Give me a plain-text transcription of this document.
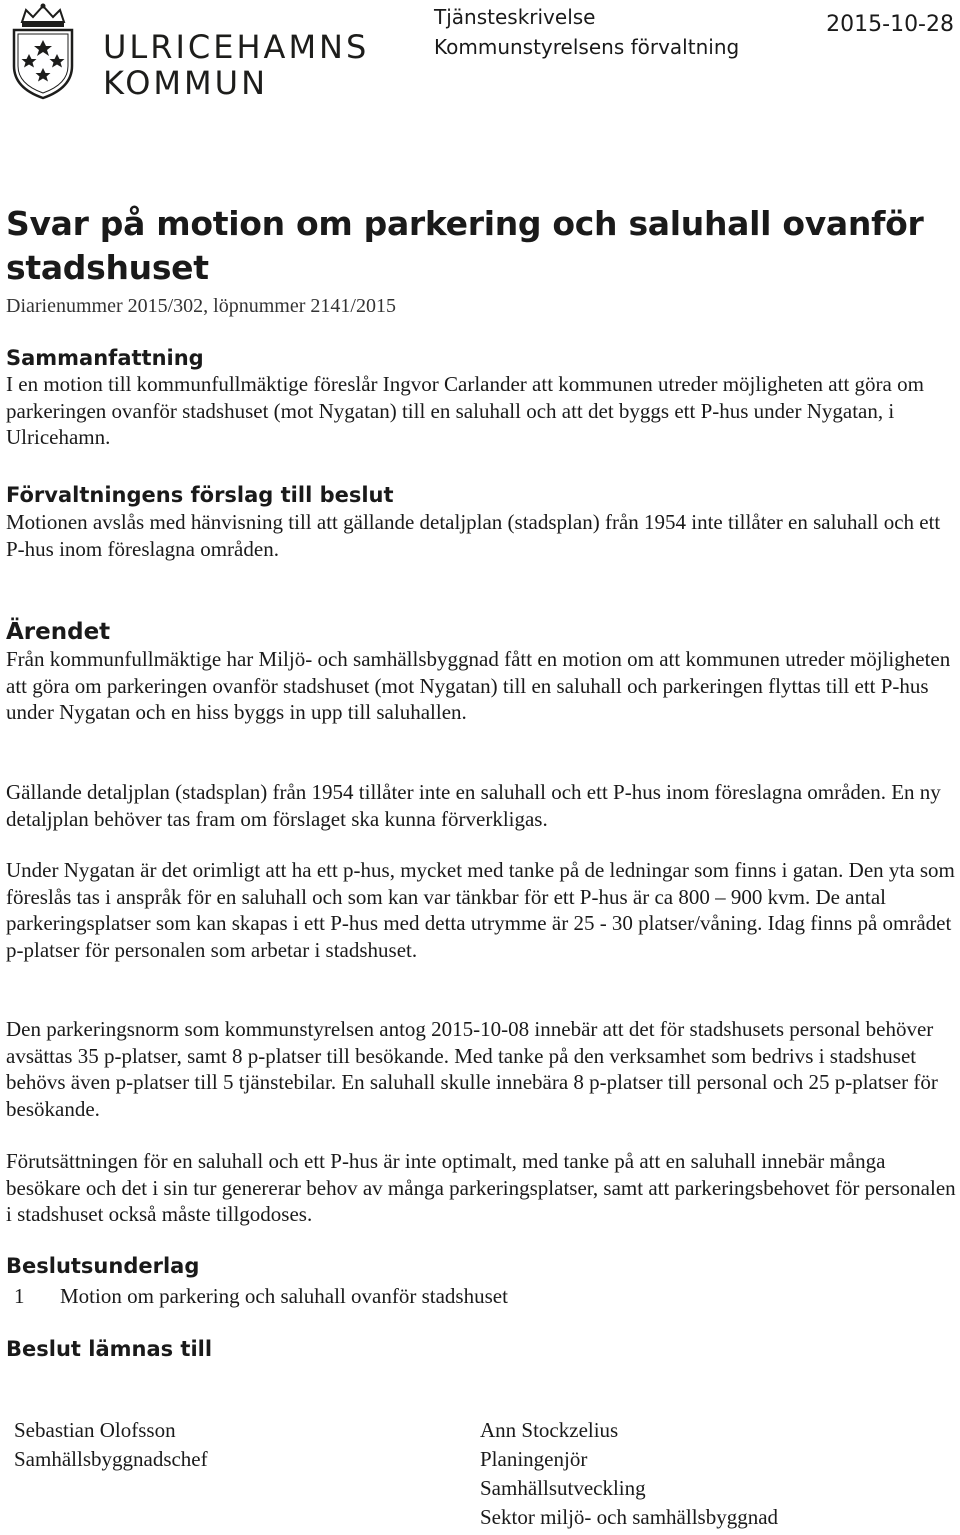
ULRICEHAMNS
KOMMUN
Tjänsteskrivelse
Kommunstyrelsens förvaltning
2015-10-28
Svar på motion om parkering och saluhall ovanför stadshuset
Diarienummer 2015/302, löpnummer 2141/2015
Sammanfattning
I en motion till kommunfullmäktige föreslår Ingvor Carlander att kommunen utreder möjligheten att göra om parkeringen ovanför stadshuset (mot Nygatan) till en saluhall och att det byggs ett P-hus under Nygatan, i Ulricehamn.
Förvaltningens förslag till beslut
Motionen avslås med hänvisning till att gällande detaljplan (stadsplan) från 1954 inte tillåter en saluhall och ett P-hus inom föreslagna områden.
Ärendet
Från kommunfullmäktige har Miljö- och samhällsbyggnad fått en motion om att kommunen utreder möjligheten att göra om parkeringen ovanför stadshuset (mot Nygatan) till en saluhall och parkeringen flyttas till ett P-hus under Nygatan och en hiss byggs in upp till saluhallen.
Gällande detaljplan (stadsplan) från 1954 tillåter inte en saluhall och ett P-hus inom föreslagna områden. En ny detaljplan behöver tas fram om förslaget ska kunna förverkligas.
Under Nygatan är det orimligt att ha ett p-hus, mycket med tanke på de ledningar som finns i gatan. Den yta som föreslås tas i anspråk för en saluhall och som kan var tänkbar för ett P-hus är ca 800 – 900 kvm. De antal parkeringsplatser som kan skapas i ett P-hus med detta utrymme är 25 - 30 platser/våning. Idag finns på området p-platser för personalen som arbetar i stadshuset.
Den parkeringsnorm som kommunstyrelsen antog 2015-10-08 innebär att det för stadshusets personal behöver avsättas 35 p-platser, samt 8 p-platser till besökande. Med tanke på den verksamhet som bedrivs i stadshuset behövs även p-platser till 5 tjänstebilar. En saluhall skulle innebära 8 p-platser till personal och 25 p-platser för besökande.
Förutsättningen för en saluhall och ett P-hus är inte optimalt, med tanke på att en saluhall innebär många besökare och det i sin tur genererar behov av många parkeringsplatser, samt att parkeringsbehovet för personalen i stadshuset också måste tillgodoses.
Beslutsunderlag
1 Motion om parkering och saluhall ovanför stadshuset
Beslut lämnas till
Sebastian Olofsson
Samhällsbyggnadschef
Ann Stockzelius
Planingenjör
Samhällsutveckling
Sektor miljö- och samhällsbyggnad
